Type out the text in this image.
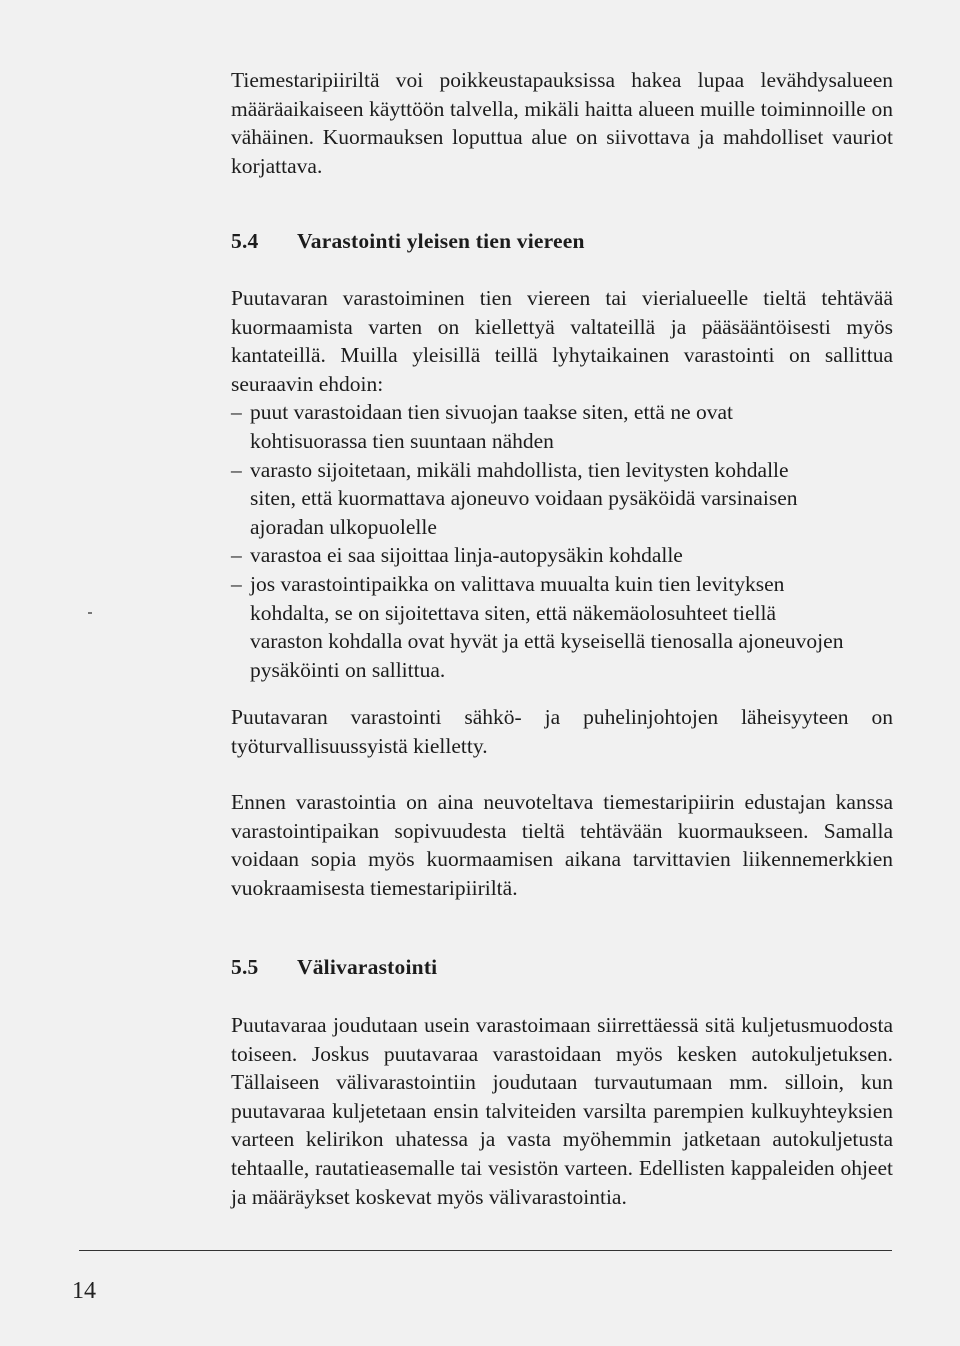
Tiemestaripiiriltä voi poikkeustapauksissa hakea lupaa levähdysalueen määräaikaiseen käyttöön talvella, mikäli haitta alueen muille toiminnoille on vähäinen. Kuormauksen loputtua alue on siivottava ja mahdolliset vauriot korjattava.

5.4	Varastointi yleisen tien viereen

Puutavaran varastoiminen tien viereen tai vierialueelle tieltä tehtävää kuormaamista varten on kiellettyä valtateillä ja pääsääntöisesti myös kantateillä. Muilla yleisillä teillä lyhytaikainen varastointi on sallittua seuraavin ehdoin:

– puut varastoidaan tien sivuojan taakse siten, että ne ovat kohtisuorassa tien suuntaan nähden
– varasto sijoitetaan, mikäli mahdollista, tien levitysten kohdalle siten, että kuormattava ajoneuvo voidaan pysäköidä varsinaisen ajoradan ulkopuolelle
– varastoa ei saa sijoittaa linja-autopysäkin kohdalle
– jos varastointipaikka on valittava muualta kuin tien levityksen kohdalta, se on sijoitettava siten, että näkemäolosuhteet tiellä varaston kohdalla ovat hyvät ja että kyseisellä tienosalla ajoneuvojen pysäköinti on sallittua.

Puutavaran varastointi sähkö- ja puhelinjohtojen läheisyyteen on työturvallisuussyistä kielletty.

Ennen varastointia on aina neuvoteltava tiemestaripiirin edustajan kanssa varastointipaikan sopivuudesta tieltä tehtävään kuormaukseen. Samalla voidaan sopia myös kuormaamisen aikana tarvittavien liikennemerkkien vuokraamisesta tiemestaripiiriltä.

5.5	Välivarastointi

Puutavaraa joudutaan usein varastoimaan siirrettäessä sitä kuljetusmuodosta toiseen. Joskus puutavaraa varastoidaan myös kesken autokuljetuksen. Tällaiseen välivarastointiin joudutaan turvautumaan mm. silloin, kun puutavaraa kuljetetaan ensin talviteiden varsilta parempien kulkuyhteyksien varteen kelirikon uhatessa ja vasta myöhemmin jatketaan autokuljetusta tehtaalle, rautatieasemalle tai vesistön varteen. Edellisten kappaleiden ohjeet ja määräykset koskevat myös välivarastointia.

14
